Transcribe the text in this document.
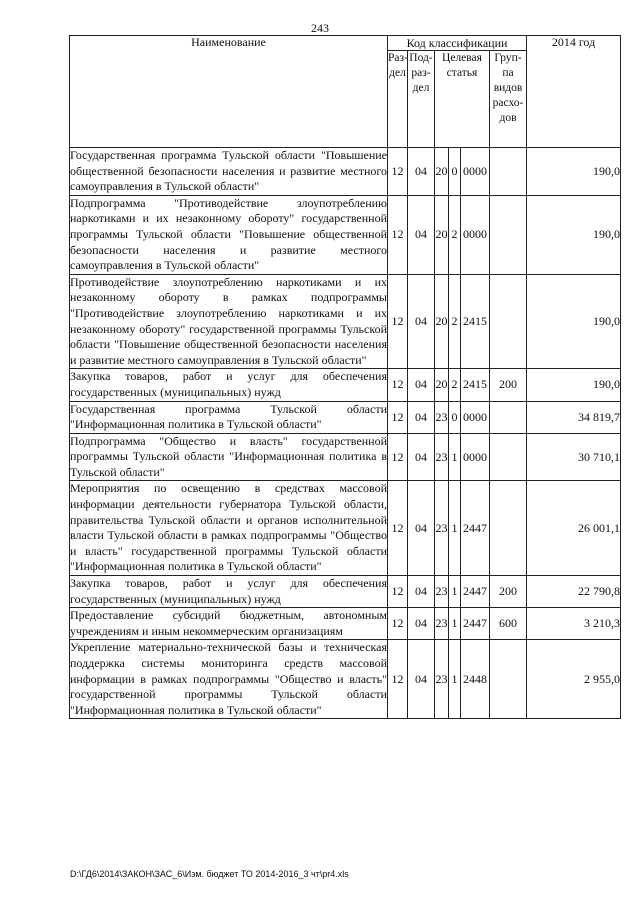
243
Наименование	Код классификации						2014 год
	Раз-дел	Под-раз-дел	Целевая статья			Груп-па видов расхо-дов	
Государственная программа Тульской области "Повышение общественной безопасности населения и развитие местного самоуправления в Тульской области"	12	04	20	0	0000		190,0
Подпрограмма "Противодействие злоупотреблению наркотиками и их незаконному обороту" государственной программы Тульской области "Повышение общественной безопасности населения и развитие местного самоуправления в Тульской области"	12	04	20	2	0000		190,0
Противодействие злоупотреблению наркотиками и их незаконному обороту в рамках подпрограммы "Противодействие злоупотреблению наркотиками и их незаконному обороту" государственной программы Тульской области "Повышение общественной безопасности населения и развитие местного самоуправления в Тульской области"	12	04	20	2	2415		190,0
Закупка товаров, работ и услуг для обеспечения государственных (муниципальных) нужд	12	04	20	2	2415	200	190,0
Государственная программа Тульской области "Информационная политика в Тульской области"	12	04	23	0	0000		34 819,7
Подпрограмма "Общество и власть" государственной программы Тульской области "Информационная политика в Тульской области"	12	04	23	1	0000		30 710,1
Мероприятия по освещению в средствах массовой информации деятельности губернатора Тульской области, правительства Тульской области и органов исполнительной власти Тульской области в рамках подпрограммы "Общество и власть" государственной программы Тульской области "Информационная политика в Тульской области"	12	04	23	1	2447		26 001,1
Закупка товаров, работ и услуг для обеспечения государственных (муниципальных) нужд	12	04	23	1	2447	200	22 790,8
Предоставление субсидий бюджетным, автономным учреждениям и иным некоммерческим организациям	12	04	23	1	2447	600	3 210,3
Укрепление материально-технической базы и техническая поддержка системы мониторинга средств массовой информации в рамках подпрограммы "Общество и власть" государственной программы Тульской области "Информационная политика в Тульской области"	12	04	23	1	2448		2 955,0
D:\ГД6\2014\ЗАКОН\ЗАС_6\Изм. бюджет ТО 2014-2016_3 чт\pr4.xls
